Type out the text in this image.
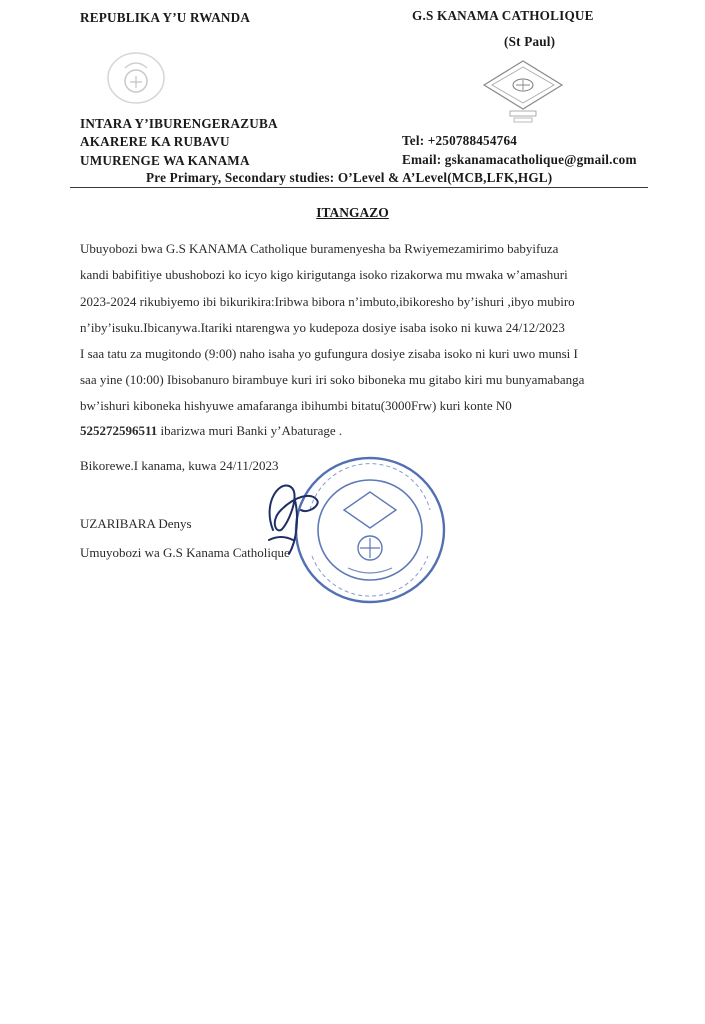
REPUBLIKA Y’U RWANDA	G.S KANAMA CATHOLIQUE
(St Paul)
INTARA Y’IBURENGERAZUBA
AKARERE KA RUBAVU
UMURENGE WA KANAMA
Tel: +250788454764
Email: gskanamacatholique@gmail.com
Pre Primary, Secondary studies: O’Level & A’Level(MCB,LFK,HGL)
ITANGAZO
Ubuyobozi bwa G.S KANAMA Catholique buramenyesha ba Rwiyemezamirimo babyifuza
kandi babifitiye ubushobozi ko icyo kigo kirigutanga isoko rizakorwa mu mwaka w’amashuri
2023-2024 rikubiyemo ibi bikurikira:Iribwa bibora n’imbuto,ibikoresho by’ishuri ,ibyo mubiro
n’iby’isuku.Ibicanywa.Itariki ntarengwa yo kudepoza dosiye isaba isoko ni kuwa 24/12/2023
I saa tatu za mugitondo (9:00) naho isaha yo gufungura dosiye zisaba isoko ni kuri uwo munsi I
saa yine (10:00) Ibisobanuro birambuye kuri iri soko biboneka mu gitabo kiri mu bunyamabanga
bw’ishuri kiboneka hishyuwe amafaranga ibihumbi bitatu(3000Frw) kuri konte N0
525272596511 ibarizwa muri Banki y’Abaturage .
Bikorewe.I kanama, kuwa 24/11/2023
UZARIBARA Denys
Umuyobozi wa G.S Kanama Catholique
